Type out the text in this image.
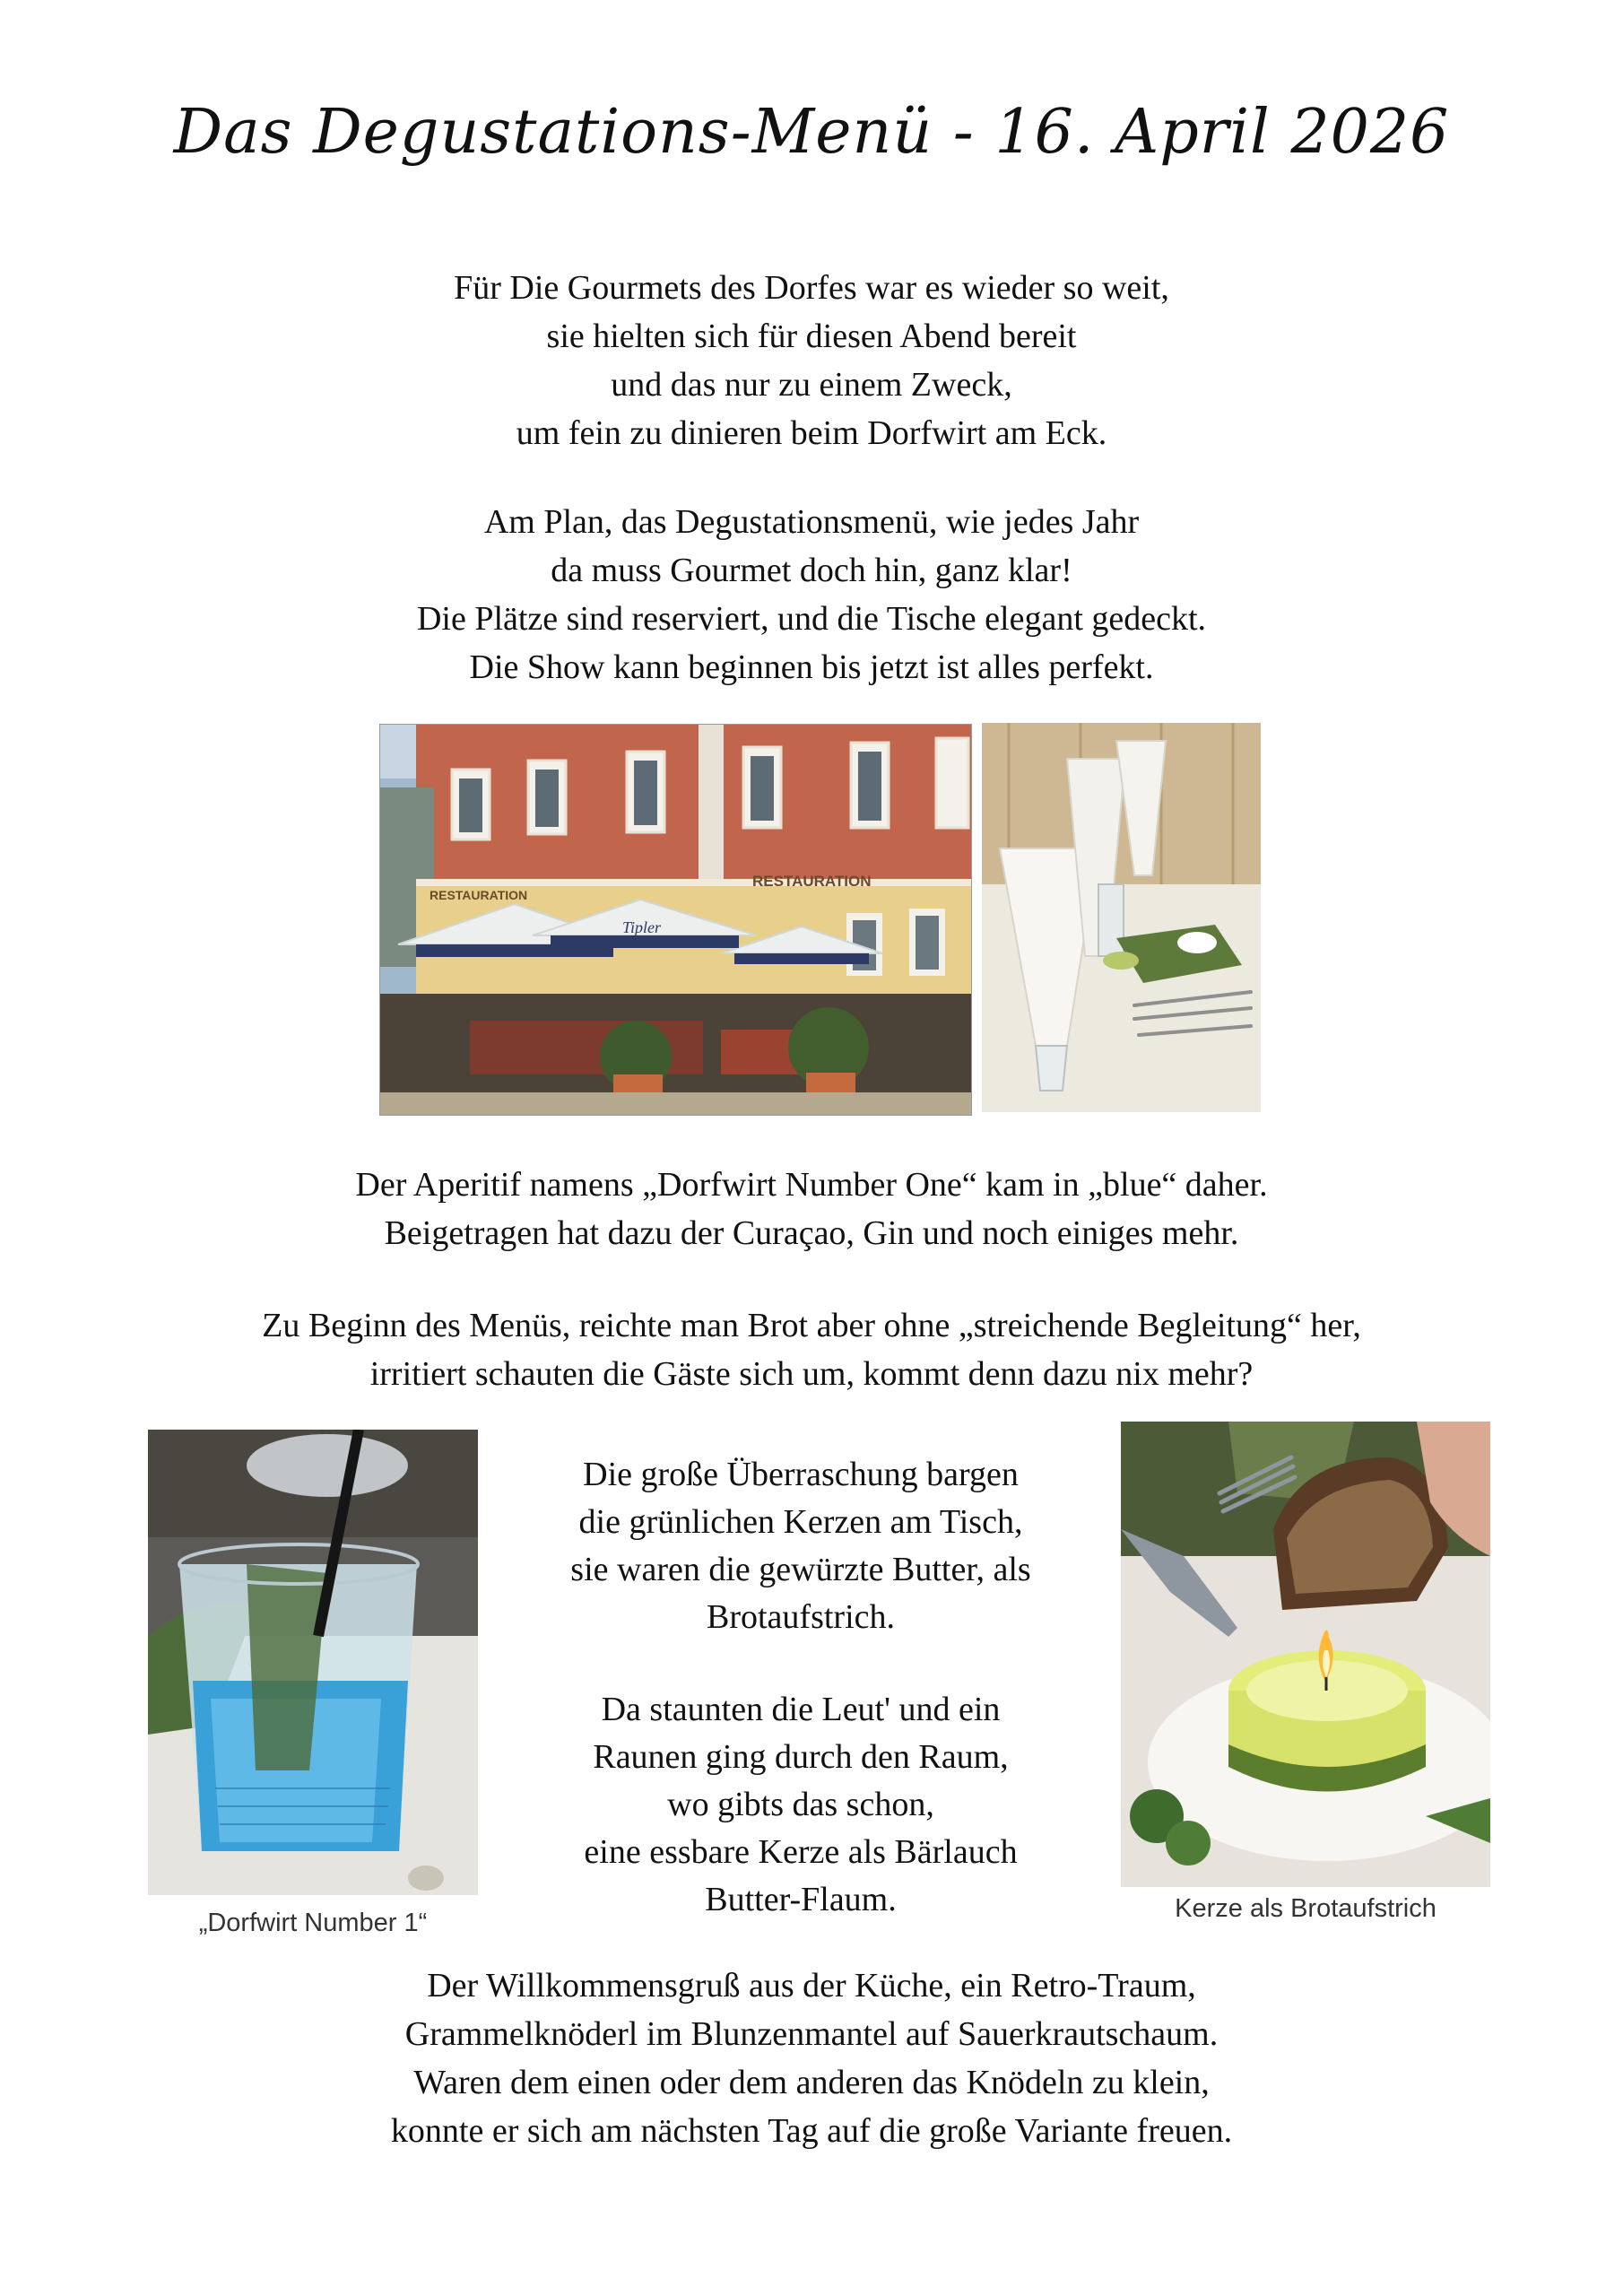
Das Degustations-Menü - 16. April 2026
Für Die Gourmets des Dorfes war es wieder so weit,
sie hielten sich für diesen Abend bereit
und das nur zu einem Zweck,
um fein zu dinieren beim Dorfwirt am Eck.
Am Plan, das Degustationsmenü, wie jedes Jahr
da muss Gourmet doch hin, ganz klar!
Die Plätze sind reserviert, und die Tische elegant gedeckt.
Die Show kann beginnen bis jetzt ist alles perfekt.
RESTAURATION
RESTAURATION
Tipler
Der Aperitif namens „Dorfwirt Number One“ kam in „blue“ daher.
Beigetragen hat dazu der Curaçao, Gin und noch einiges mehr.
Zu Beginn des Menüs, reichte man Brot aber ohne „streichende Begleitung“ her,
irritiert schauten die Gäste sich um, kommt denn dazu nix mehr?
„Dorfwirt Number 1“
Die große Überraschung bargen
die grünlichen Kerzen am Tisch,
sie waren die gewürzte Butter, als
Brotaufstrich.
Da staunten die Leut' und ein
Raunen ging durch den Raum,
wo gibts das schon,
eine essbare Kerze als Bärlauch
Butter-Flaum.	Kerze als Brotaufstrich
Der Willkommensgruß aus der Küche, ein Retro-Traum,
Grammelknöderl im Blunzenmantel auf Sauerkrautschaum.
Waren dem einen oder dem anderen das Knödeln zu klein,
konnte er sich am nächsten Tag auf die große Variante freuen.
